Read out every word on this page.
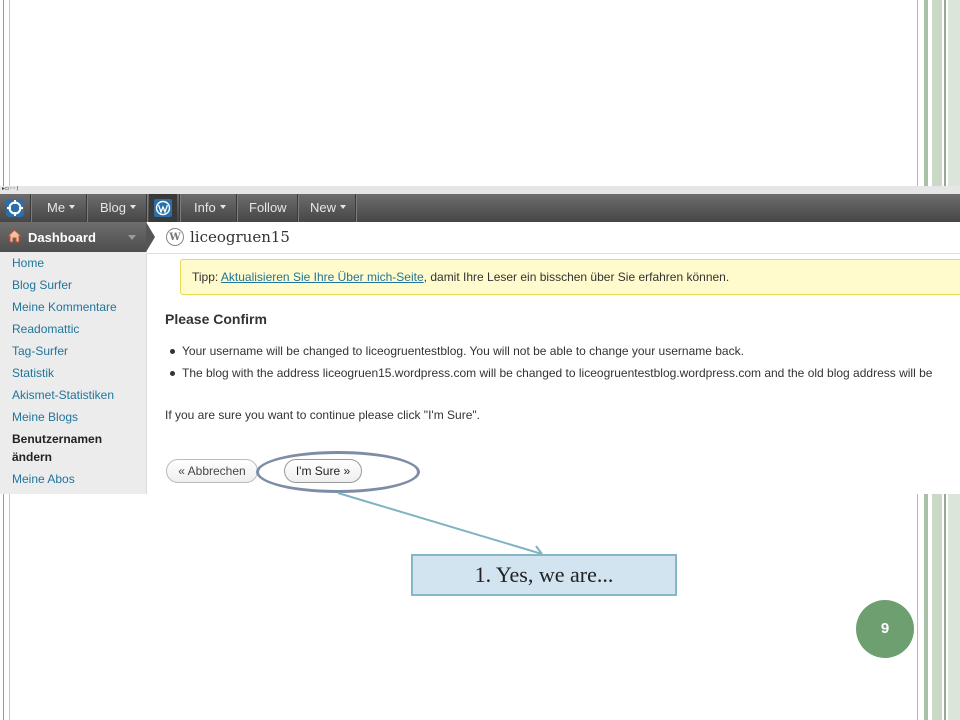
▸▫◦◦)
Me	Blog	Info	Follow New
Dashboard
Home
Blog Surfer
Meine Kommentare
Readomattic
Tag-Surfer
Statistik
Akismet-Statistiken
Meine Blogs
Benutzernamen ändern
Meine Abos
W liceogruen15
Tipp: Aktualisieren Sie Ihre Über mich-Seite, damit Ihre Leser ein bisschen über Sie erfahren können.
Please Confirm
Your username will be changed to liceogruentestblog. You will not be able to change your username back.
The blog with the address liceogruen15.wordpress.com will be changed to liceogruentestblog.wordpress.com and the old blog address will be
If you are sure you want to continue please click "I'm Sure".
« Abbrechen	I'm Sure »
1. Yes, we are...
9
